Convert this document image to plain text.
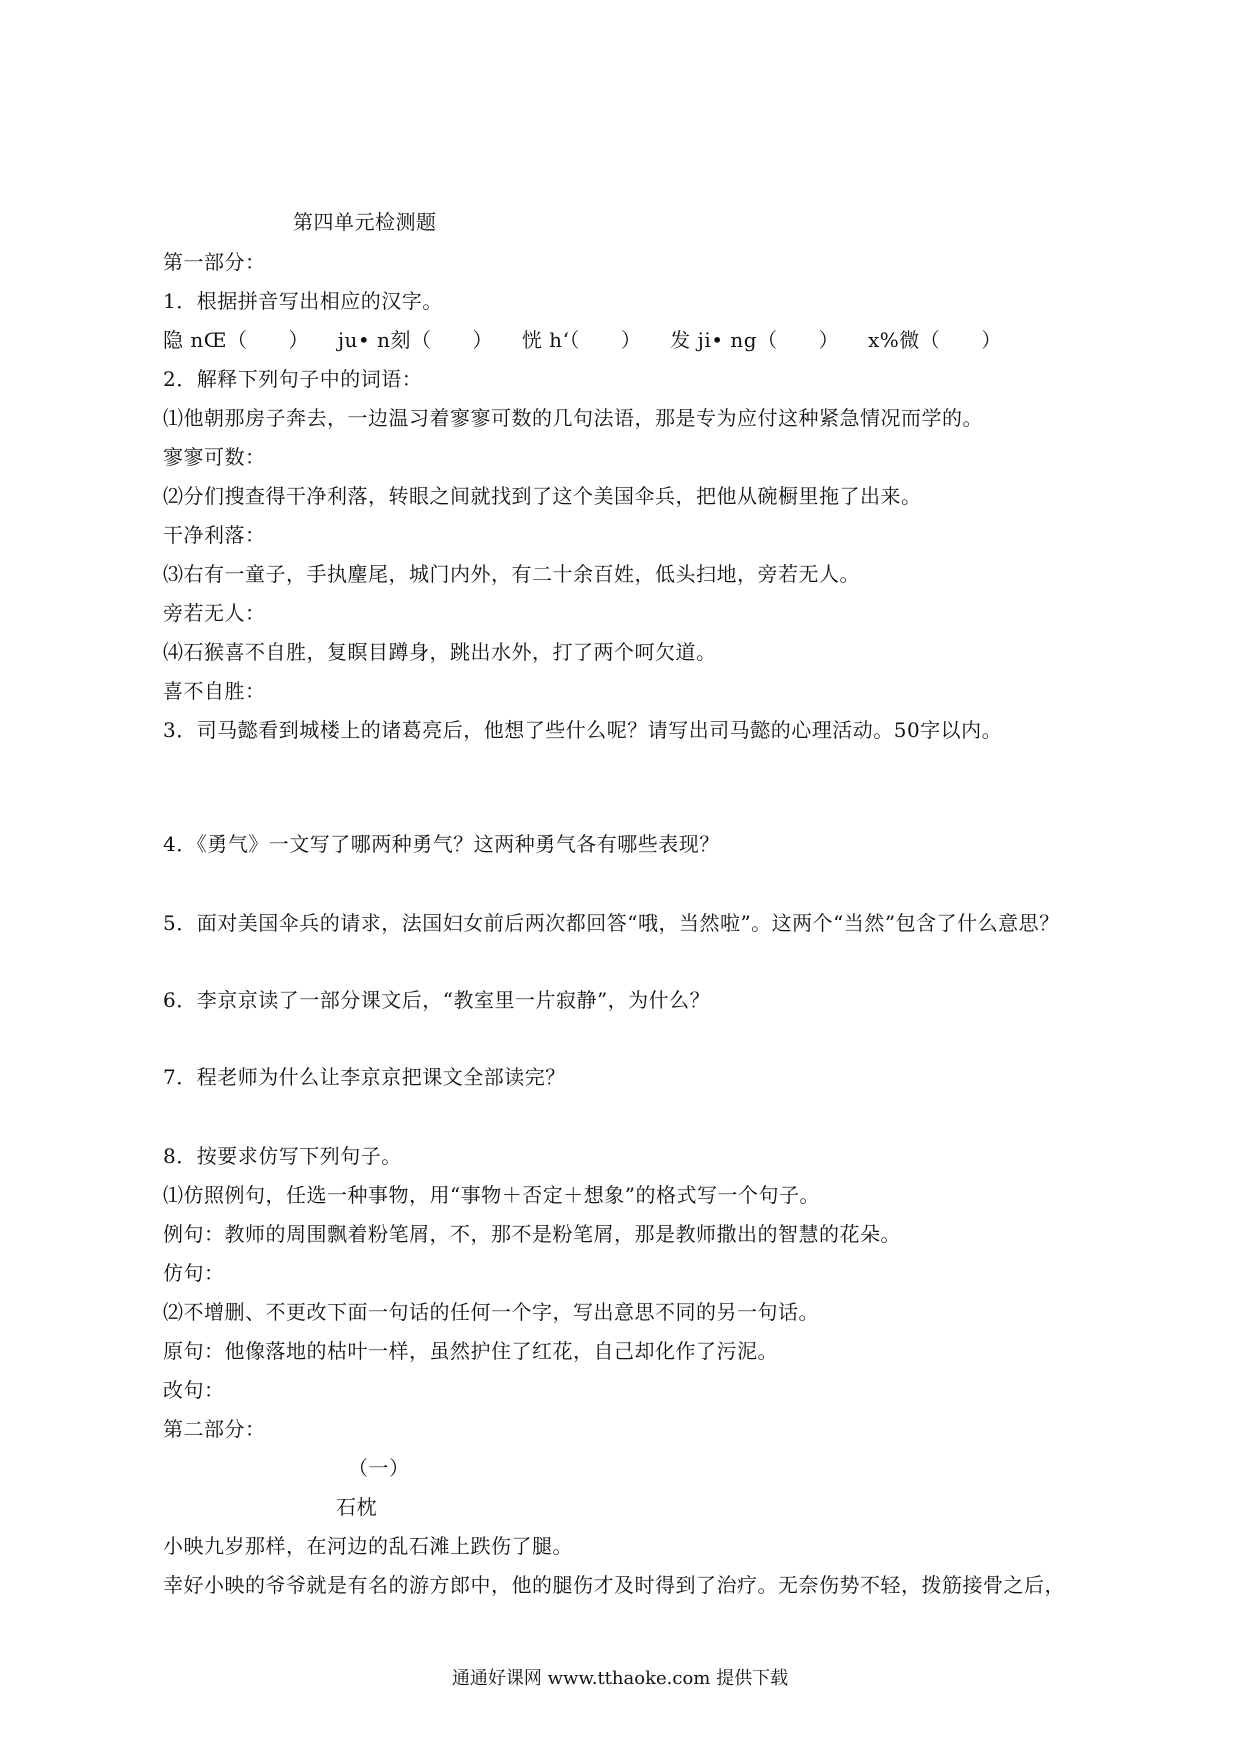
第四单元检测题
第一部分：
1．根据拼音写出相应的汉字。
隐 nŒ（　　） ju• n刻（　　） 恍 h‘（　　） 发 ji• ng（　　） x%微（　　）
2．解释下列句子中的词语：
⑴他朝那房子奔去，一边温习着寥寥可数的几句法语，那是专为应付这种紧急情况而学的。
寥寥可数：
⑵分们搜查得干净利落，转眼之间就找到了这个美国伞兵，把他从碗橱里拖了出来。
干净利落：
⑶右有一童子，手执麈尾，城门内外，有二十余百姓，低头扫地，旁若无人。
旁若无人：
⑷石猴喜不自胜，复瞑目蹲身，跳出水外，打了两个呵欠道。
喜不自胜：
3．司马懿看到城楼上的诸葛亮后，他想了些什么呢？请写出司马懿的心理活动。50字以内。
4．《勇气》一文写了哪两种勇气？这两种勇气各有哪些表现？
5．面对美国伞兵的请求，法国妇女前后两次都回答“哦，当然啦”。这两个“当然”包含了什么意思？
6．李京京读了一部分课文后，“教室里一片寂静”，为什么？
7．程老师为什么让李京京把课文全部读完？
8．按要求仿写下列句子。
⑴仿照例句，任选一种事物，用“事物＋否定＋想象”的格式写一个句子。
例句：教师的周围飘着粉笔屑，不，那不是粉笔屑，那是教师撒出的智慧的花朵。
仿句：
⑵不增删、不更改下面一句话的任何一个字，写出意思不同的另一句话。
原句：他像落地的枯叶一样，虽然护住了红花，自己却化作了污泥。
改句：
第二部分：
（一）
石枕
小映九岁那样，在河边的乱石滩上跌伤了腿。
幸好小映的爷爷就是有名的游方郎中，他的腿伤才及时得到了治疗。无奈伤势不轻，拨筋接骨之后，
通通好课网 www.tthaoke.com 提供下载
